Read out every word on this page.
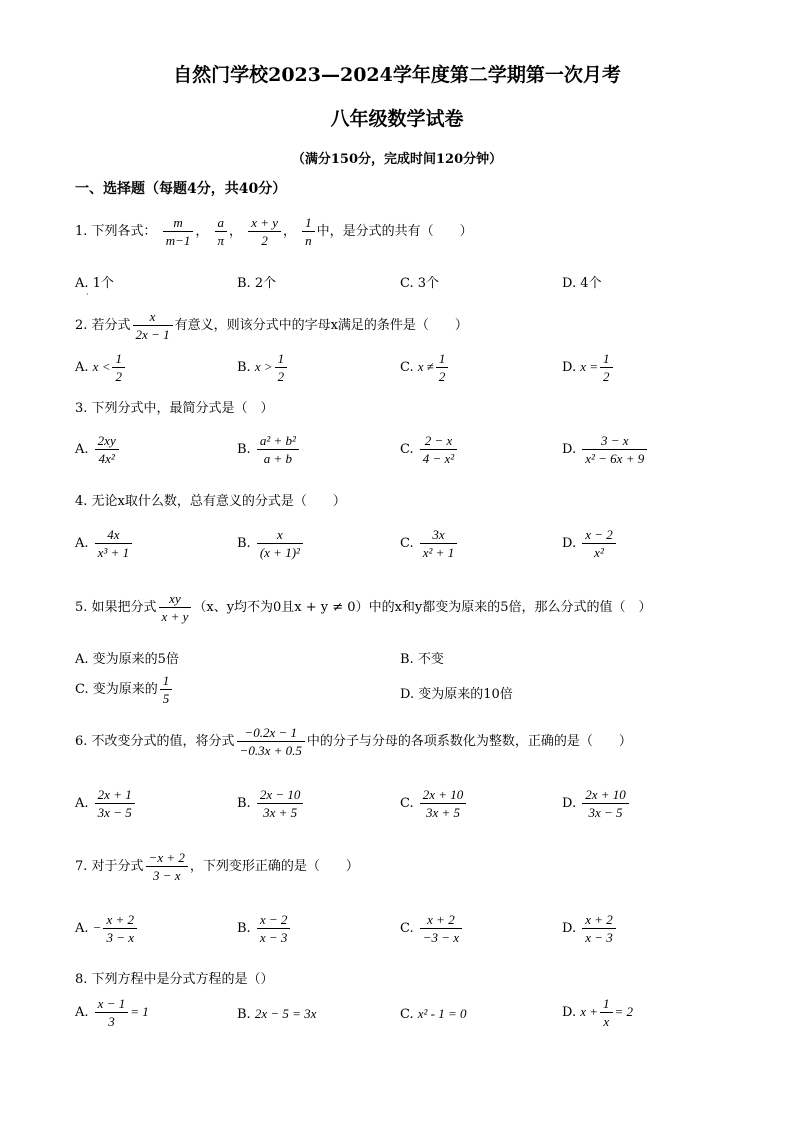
自然门学校2023—2024学年度第二学期第一次月考
八年级数学试卷
（满分150分，完成时间120分钟）
一、选择题（每题4分，共40分）
1. 下列各式： $\frac{m}{m-1}$ ， $\frac{a}{\pi}$ ， $\frac{x + y}{2}$ ， $\frac{1}{n}$ 中，是分式的共有（　　）
A. 1个	B. 2个	C. 3个	D. 4个
·
2. 若分式 $\frac{x}{2x - 1}$ 有意义，则该分式中的字母x满足的条件是（　　）
A. $x < \frac{1}{2}$	B. $x > \frac{1}{2}$	C. $x \ne \frac{1}{2}$	D. $x = \frac{1}{2}$
3. 下列分式中，最简分式是（　）
A. $\frac{2xy}{\text{4x²}}$	B. $\frac{\text{a² + b²}}{a + b}$	C. $\frac{2 - x}{\text{4 − x²}}$	D. $\frac{3 - x}{\text{x² − 6x + 9}}$
4. 无论x取什么数，总有意义的分式是（　　）
A. $\frac{4x}{\text{x³ + 1}}$	B. $\frac{x}{\text{(x + 1)²}}$	C. $\frac{3x}{\text{x² + 1}}$	D. $\frac{x - 2}{\text{x²}}$
5. 如果把分式 $\frac{xy}{x + y} (x$、y均不为0且x + y ≠ 0）中的x和y都变为原来的5倍，那么分式的值（　）
A. 变为原来的5倍	B. 不变
C. 变为原来的 $\frac{1}{5}$	D. 变为原来的10倍
6. 不改变分式的值，将分式 $\frac{-0.2x - 1}{-0.3x + 0.5}$ 中的分子与分母的各项系数化为整数，正确的是（　　）
A. $\frac{2x + 1}{3x - 5}$	B. $\frac{2x - 10}{3x + 5}$	C. $\frac{2x + 10}{3x + 5}$	D. $\frac{2x + 10}{3x - 5}$
7. 对于分式 $\frac{-x + 2}{3 - x}$ ，下列变形正确的是（　　）
A. − $\frac{x + 2}{3 - x}$	B. $\frac{x - 2}{x - 3}$	C. $\frac{x + 2}{-3 - x}$	D. $\frac{x + 2}{x - 3}$
8. 下列方程中是分式方程的是（）
A. $\frac{x - 1}{3} = 1$	B. 2x − 5 = 3x	C. x² - 1 = 0	D. $x + \frac{1}{x} = 2$
